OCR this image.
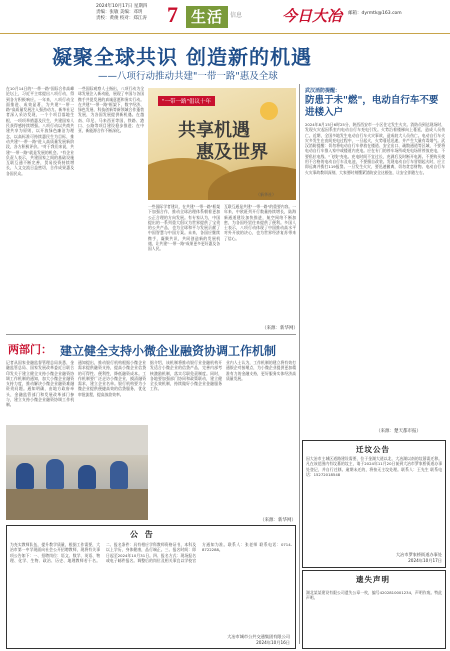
2024年10月17日 星期四
责编：张敏 美编：邓玥
责校：黄俊 校对：郑江涛 7 生活	信息	今日大冶 邮箱：dyrmtk@163.com
凝聚全球共识 创造新的机遇
——八项行动推动共建"一带一路"惠及全球
在10月14日的"一带一路"国际合作高峰论坛上，习近平主席提出八项行动，得到各方积极响应。一年来，八项行动全面推进、成效显著，为共建"一带一路"高质量发展注入强劲动力。新华社记者深入采访发现，一个个项目落地生根，一项项举措惠及民生，共建国家人民获得感持续增强。八项行动以共商共建共享为原则，以开放绿色廉洁为理念，以高标准可持续惠民生为目标，推动共建"一带一路"进入高质量发展新阶段，各方积极评价。"对于我们来说，共建"一带一路"就是发展的机会。"有企业负责人表示，共建国家之间的基础设施互联互通不断完善，贸易投资持续增长，人文交流日益密切，合作成果惠及各国民众。
一些国际观察人士指出，八项行动为全球发展注入新动能，展现了中国与各国携手共促发展的真诚意愿和务实行动。在共建"一带一路"框架下，数字经济、绿色发展、科技创新等新领域合作蓬勃发展，为各国发展提供新机遇。在越南、印尼、马来西亚等国，铁路、港口、公路等项目建设稳步推进；在中亚，新能源合作不断深化。
一些国际学者建议，在共建"一带一路"框架下加强合作，推动全球治理体系朝着更加公正合理的方向发展。有专家认为，中国提出的一系列重大倡议为世界提供了宝贵的公共产品，也为全球和平与发展贡献了中国智慧与中国方案。未来，各国应继续携手，凝聚共识，共同创造新的发展机遇，让共建"一带一路"成果更多更好惠及各国人民。
互联互通是共建"一带一路"的重要内容。一年来，中欧班列开行数量持续增长，陆海新通道建设加快推进，航空网络不断加密，为各国经贸往来提供了便利。多国人士表示，八项行动体现了中国推动高水平对外开放的决心，也为世界经济复苏带来了信心。
（来源：新华网）
"一带一路"倡议十年
共享机遇
惠及世界
（新华社）
武汉消防提醒：
防患于未"燃"，电动自行车不要进楼入户
2024年8月15日6时25分，陕西西安市一小区住宅发生火灾。消防员到达现场时，发现火灾起因系室内电动自行车充电引发。火势沿着楼梯向上蔓延，造成人员伤亡。近期，全国多地发生电动自行车火灾事故，造成较大人员伤亡。电动自行车火灾多发生在夜间充电过程中，一旦起火，火势蔓延迅速，并产生大量有毒烟气。武汉消防提醒：切勿将电动自行车停放在楼道、安全出口、疏散通道等区域，不要将电动自行车推入家中或楼道内充电。应在专门的停车场所或充电场所停放充电，不要私拉电线、"飞线"充电。充电时间不宜过长，充满后及时断开电源。不要购买使用不合格的电动自行车及电池，不要擅自改装。发现电动自行车冒烟起火时，应立即远离并拨打119报警。一旦发生火灾，要迅速撤离，切勿贪恋财物。电动自行车火灾事故教训深刻，大家要时刻绷紧消防安全这根弦，让安全伴随左右。
（来源：楚天都市报）
两部门： 建立健全支持小微企业融资协调工作机制
记者从国家金融监督管理总局获悉，金融监管总局、国家发展改革委近日联合印发关于建立健全支持小微企业融资协调工作机制的通知，加大小微企业融资支持力度，推动解决小微企业融资难融资贵问题。通知明确，由地方政府牵头，金融监管部门和发展改革部门参与，建立支持小微企业融资协调工作机制。
通知提出，推动银行机构根据小微企业需求提供融资支持，提高小微企业信贷的可得性、便利性，降低融资成本。工作机制要广泛走访小微企业，摸清融资需求，建立企业名单。银行机构要为小微企业提供便捷高效的信贷服务，优化审批流程，提高放款效率。
据介绍，该机制将推动银行业金融机构开发适合小微企业的信贷产品，完善内部考核激励机制，落实尽职免责制度。同时，各地要加强部门协同和政策联动，建立健全长效机制，持续做好小微企业金融服务工作。
业内人士认为，工作机制的建立将有效打通银企对接堵点，为小微企业提供更加精准有力的金融支持，更好服务实体经济高质量发展。
（来源：新华网）
公 告
为充实教师队伍，提升教学质量，根据工作需要，大冶市第一中学现面向社会公开招聘教师，现将有关事项公告如下：一、招聘岗位：语文、数学、英语、物理、化学、生物、政治、历史、地理教师若干名。二、报名条件：具有相应学科教师资格证书，本科及以上学历，身体健康，品行端正。三、报名时间：即日起至2024年10月31日。四、报名方式：现场报名或电子邮件报名。调整后的岗位及相关事宜以学校官方通知为准。联系人：张老师 联系电话：0714-8722288。
大冶市城市公共交通集团有限公司
2024年10月16日
迁坟公告
因大冶市主城区道路建设需要，位于金湖大道以北、大冶湖以南的坟墓需迁移。凡在该范围内有坟墓的坟主，请于2024年11月20日前到大冶市罗家桥街道办事处登记，并自行迁移。逾期未迁的，将按无主坟处理。联系人：王先生 联系电话：15272018548
大冶市罗家桥街道办事处
2024年10月17日
遗失声明
湖北某某建设有限公司遗失公章一枚，编号4202810001234，声明作废。特此声明。
